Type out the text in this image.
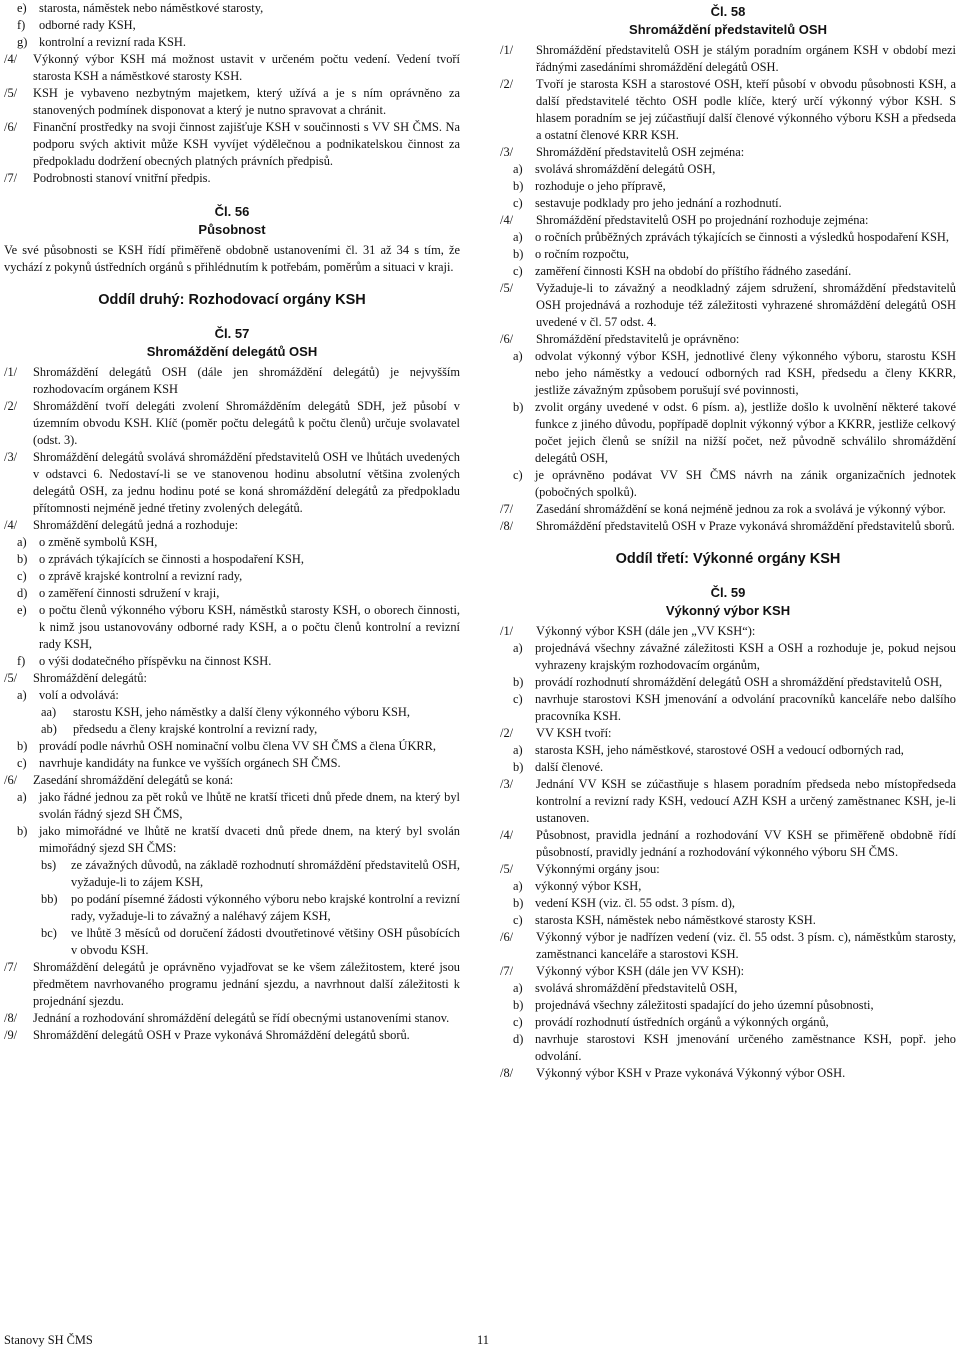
e) starosta, náměstek nebo náměstkové starosty,
f)	odborné rady KSH,
g) kontrolní a revizní rada KSH.
/4/	Výkonný výbor KSH má možnost ustavit v určeném počtu vedení. Vedení tvoří starosta KSH a náměstkové starosty KSH.
/5/	KSH je vybaveno nezbytným majetkem, který užívá a je s ním oprávněno za stanovených podmínek disponovat a který je nutno spravovat a chránit.
/6/	Finanční prostředky na svoji činnost zajišťuje KSH v součinnosti s VV SH ČMS. Na podporu svých aktivit může KSH vyvíjet výdělečnou a podnikatelskou činnost za předpokladu dodržení obecných platných právních předpisů.
/7/	Podrobnosti stanoví vnitřní předpis.
Čl. 56
Působnost

Ve své působnosti se KSH řídí přiměřeně obdobně ustanoveními čl. 31 až 34 s tím, že vychází z pokynů ústředních orgánů s přihlédnutím k potřebám, poměrům a situaci v kraji.

Oddíl druhý: Rozhodovací orgány KSH
Čl. 57
Shromáždění delegátů OSH
/1/	Shromáždění delegátů OSH (dále jen shromáždění delegátů) je nejvyšším rozhodovacím orgánem KSH
/2/	Shromáždění tvoří delegáti zvolení Shromážděním delegátů SDH, jež působí v územním obvodu KSH. Klíč (poměr počtu delegátů k počtu členů) určuje svolavatel (odst. 3).
/3/	Shromáždění delegátů svolává shromáždění představitelů OSH ve lhůtách uvedených v odstavci 6. Nedostaví-li se ve stanovenou hodinu absolutní většina zvolených delegátů OSH, za jednu hodinu poté se koná shromáždění delegátů za předpokladu přítomnosti nejméně jedné třetiny zvolených delegátů.
/4/	Shromáždění delegátů jedná a rozhoduje:
a) o změně symbolů KSH,
b) o zprávách týkajících se činnosti a hospodaření KSH,
c) o zprávě krajské kontrolní a revizní rady,
d) o zaměření činnosti sdružení v kraji,
e) o počtu členů výkonného výboru KSH, náměstků starosty KSH, o oborech činnosti, k nimž jsou ustanovovány odborné rady KSH, a o počtu členů kontrolní a revizní rady KSH,
f)	o výši dodatečného příspěvku na činnost KSH.
/5/	Shromáždění delegátů:
a) volí a odvolává:
aa)	starostu KSH, jeho náměstky a další členy výkonného výboru KSH,
ab)	předsedu a členy krajské kontrolní a revizní rady,
b) provádí podle návrhů OSH nominační volbu člena VV SH ČMS a člena ÚKRR,
c) navrhuje kandidáty na funkce ve vyšších orgánech SH ČMS.
/6/	Zasedání shromáždění delegátů se koná:
a) jako řádné jednou za pět roků ve lhůtě ne kratší třiceti dnů přede dnem, na který byl svolán řádný sjezd SH ČMS,
b) jako mimořádné ve lhůtě ne kratší dvaceti dnů přede dnem, na který byl svolán mimořádný sjezd SH ČMS:
bs)	ze závažných důvodů, na základě rozhodnutí shromáždění představitelů OSH, vyžaduje-li to zájem KSH,
bb)	po podání písemné žádosti výkonného výboru nebo krajské kontrolní a revizní rady, vyžaduje-li to závažný a naléhavý zájem KSH,
bc)	ve lhůtě 3 měsíců od doručení žádosti dvoutřetinové většiny OSH působících v obvodu KSH.
/7/	Shromáždění delegátů je oprávněno vyjadřovat se ke všem záležitostem, které jsou předmětem navrhovaného programu jednání sjezdu, a navrhnout další záležitosti k projednání sjezdu.
/8/	Jednání a rozhodování shromáždění delegátů se řídí obecnými ustanoveními stanov.
/9/	Shromáždění delegátů OSH v Praze vykonává Shromáždění delegátů sborů.
Čl. 58
Shromáždění představitelů OSH
/1/	Shromáždění představitelů OSH je stálým poradním orgánem KSH v období mezi řádnými zasedáními shromáždění delegátů OSH.
/2/	Tvoří je starosta KSH a starostové OSH, kteří působí v obvodu působnosti KSH, a další představitelé těchto OSH podle klíče, který určí výkonný výbor KSH. S hlasem poradním se jej zúčastňují další členové výkonného výboru KSH a předseda a ostatní členové KRR KSH.
/3/	Shromáždění představitelů OSH zejména:
a) svolává shromáždění delegátů OSH,
b) rozhoduje o jeho přípravě,
c) sestavuje podklady pro jeho jednání a rozhodnutí.
/4/	Shromáždění představitelů OSH po projednání rozhoduje zejména:
a) o ročních průběžných zprávách týkajících se činnosti a výsledků hospodaření KSH,
b) o ročním rozpočtu,
c) zaměření činnosti KSH na období do příštího řádného zasedání.
/5/	Vyžaduje-li to závažný a neodkladný zájem sdružení, shromáždění představitelů OSH projednává a rozhoduje též záležitosti vyhrazené shromáždění delegátů OSH uvedené v čl. 57 odst. 4.
/6/	Shromáždění představitelů je oprávněno:
a) odvolat výkonný výbor KSH, jednotlivé členy výkonného výboru, starostu KSH nebo jeho náměstky a vedoucí odborných rad KSH, předsedu a členy KKRR, jestliže závažným způsobem porušují své povinnosti,
b) zvolit orgány uvedené v odst. 6 písm. a), jestliže došlo k uvolnění některé takové funkce z jiného důvodu, popřípadě doplnit výkonný výbor a KKRR, jestliže celkový počet jejich členů se snížil na nižší počet, než původně schválilo shromáždění delegátů OSH,
c) je oprávněno podávat VV SH ČMS návrh na zánik organizačních jednotek (pobočných spolků).
/7/	Zasedání shromáždění se koná nejméně jednou za rok a svolává je výkonný výbor.
/8/	Shromáždění představitelů OSH v Praze vykonává shromáždění představitelů sborů.
Oddíl třetí: Výkonné orgány KSH
Čl. 59
Výkonný výbor KSH
/1/	Výkonný výbor KSH (dále jen „VV KSH“):
a) projednává všechny závažné záležitosti KSH a OSH a rozhoduje je, pokud nejsou vyhrazeny krajským rozhodovacím orgánům,
b) provádí rozhodnutí shromáždění delegátů OSH a shromáždění představitelů OSH,
c) navrhuje starostovi KSH jmenování a odvolání pracovníků kanceláře nebo dalšího pracovníka KSH.
/2/	VV KSH tvoří:
a) starosta KSH, jeho náměstkové, starostové OSH a vedoucí odborných rad,
b) další členové.
/3/	Jednání VV KSH se zúčastňuje s hlasem poradním předseda nebo místopředseda kontrolní a revizní rady KSH, vedoucí AZH KSH a určený zaměstnanec KSH, je-li ustanoven.
/4/	Působnost, pravidla jednání a rozhodování VV KSH se přiměřeně obdobně řídí působností, pravidly jednání a rozhodování výkonného výboru SH ČMS.
/5/	Výkonnými orgány jsou:
a) výkonný výbor KSH,
b) vedení KSH (viz. čl. 55 odst. 3 písm. d),
c) starosta KSH, náměstek nebo náměstkové starosty KSH.
/6/	Výkonný výbor je nadřízen vedení (viz. čl. 55 odst. 3 písm. c), náměstkům starosty, zaměstnanci kanceláře a starostovi KSH.
/7/	Výkonný výbor KSH (dále jen VV KSH):
a) svolává shromáždění představitelů OSH,
b) projednává všechny záležitosti spadající do jeho územní působnosti,
c) provádí rozhodnutí ústředních orgánů a výkonných orgánů,
d) navrhuje starostovi KSH jmenování určeného zaměstnance KSH, popř. jeho odvolání.
/8/	Výkonný výbor KSH v Praze vykonává Výkonný výbor OSH.
Stanovy SH ČMS	11
